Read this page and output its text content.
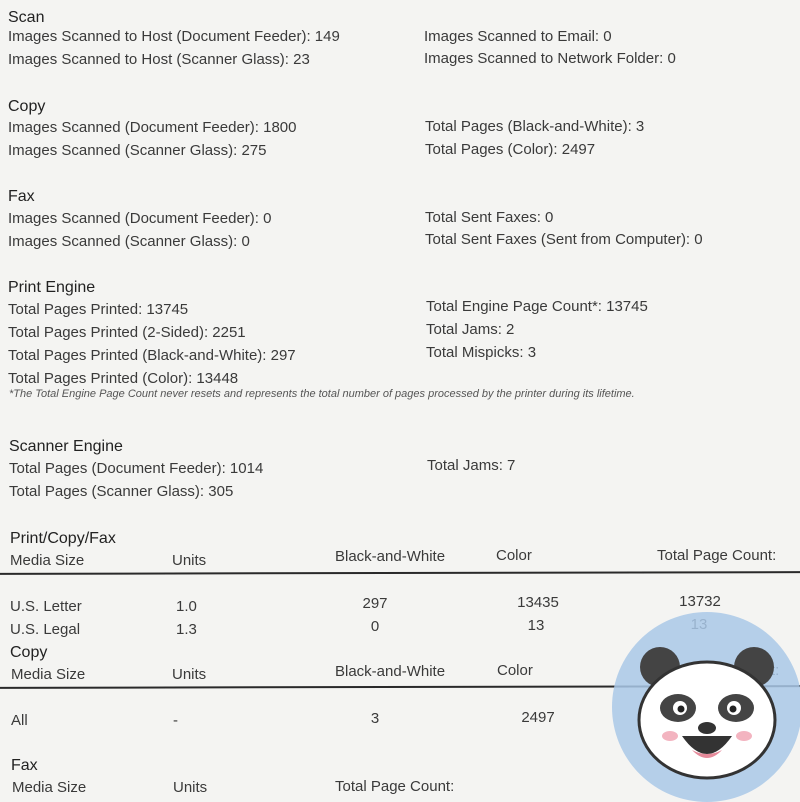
Scan
Images Scanned to Host (Document Feeder): 149
Images Scanned to Host (Scanner Glass): 23
Images Scanned to Email: 0
Images Scanned to Network Folder: 0
Copy
Images Scanned (Document Feeder): 1800
Images Scanned (Scanner Glass): 275
Total Pages (Black-and-White): 3
Total Pages (Color): 2497
Fax
Images Scanned (Document Feeder): 0
Images Scanned (Scanner Glass): 0
Total Sent Faxes: 0
Total Sent Faxes (Sent from Computer): 0
Print Engine
Total Pages Printed: 13745
Total Pages Printed (2-Sided): 2251
Total Pages Printed (Black-and-White): 297
Total Pages Printed (Color): 13448
Total Engine Page Count*: 13745
Total Jams: 2
Total Mispicks: 3
*The Total Engine Page Count never resets and represents the total number of pages processed by the printer during its lifetime.
Scanner Engine
Total Pages (Document Feeder): 1014
Total Pages (Scanner Glass): 305
Total Jams: 7
Print/Copy/Fax
Media Size	Units	Black-and-White	Color	Total Page Count:
U.S. Letter	1.0	297	13435	13732
U.S. Legal	1.3	0	13
Copy
Media Size	Units	Black-and-White	Color
All	-	3	2497
Fax
Media Size	Units	Total Page Count:
